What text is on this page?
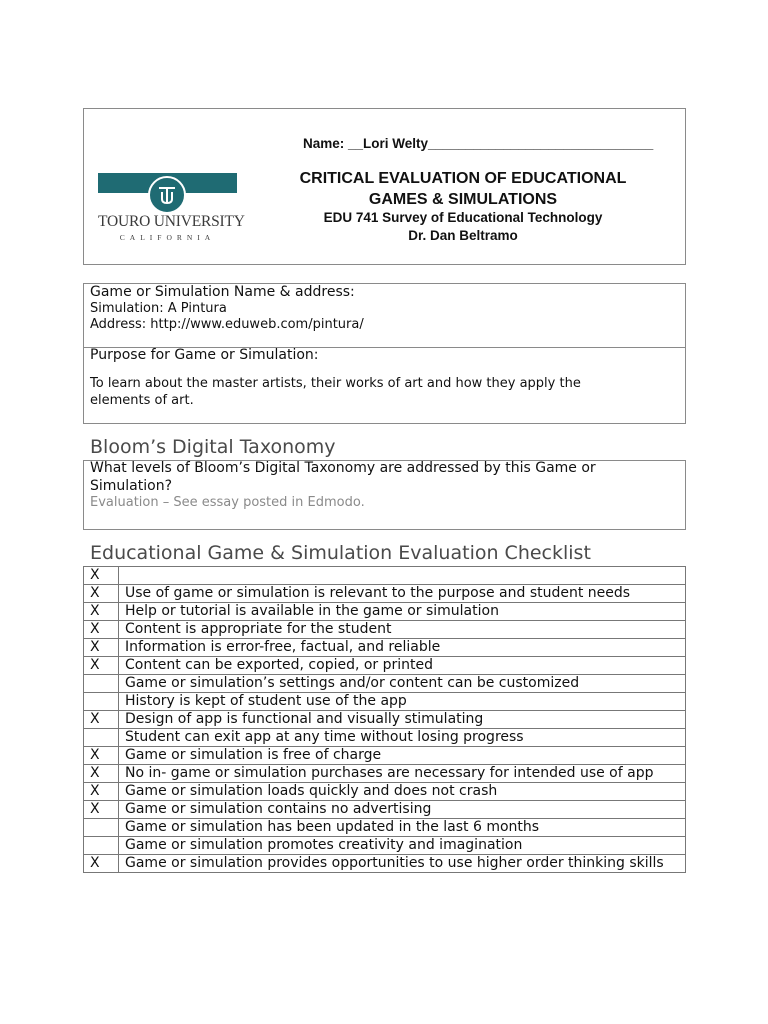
TOURO UNIVERSITY
CALIFORNIA
Name: __Lori Welty______________________________
CRITICAL EVALUATION OF EDUCATIONAL
GAMES & SIMULATIONS
EDU 741 Survey of Educational Technology
Dr. Dan Beltramo
Game or Simulation Name & address:
Simulation: A Pintura
Address: http://www.eduweb.com/pintura/
Purpose for Game or Simulation:
To learn about the master artists, their works of art and how they apply the
elements of art.
Bloom’s Digital Taxonomy
What levels of Bloom’s Digital Taxonomy are addressed by this Game or
Simulation?
Evaluation – See essay posted in Edmodo.
Educational Game & Simulation Evaluation Checklist
X	
X	Use of game or simulation is relevant to the purpose and student needs
X	Help or tutorial is available in the game or simulation
X	Content is appropriate for the student
X	Information is error-free, factual, and reliable
X	Content can be exported, copied, or printed
	Game or simulation’s settings and/or content can be customized
	History is kept of student use of the app
X	Design of app is functional and visually stimulating
	Student can exit app at any time without losing progress
X	Game or simulation is free of charge
X	No in- game or simulation purchases are necessary for intended use of app
X	Game or simulation loads quickly and does not crash
X	Game or simulation contains no advertising
	Game or simulation has been updated in the last 6 months
	Game or simulation promotes creativity and imagination
X	Game or simulation provides opportunities to use higher order thinking skills
